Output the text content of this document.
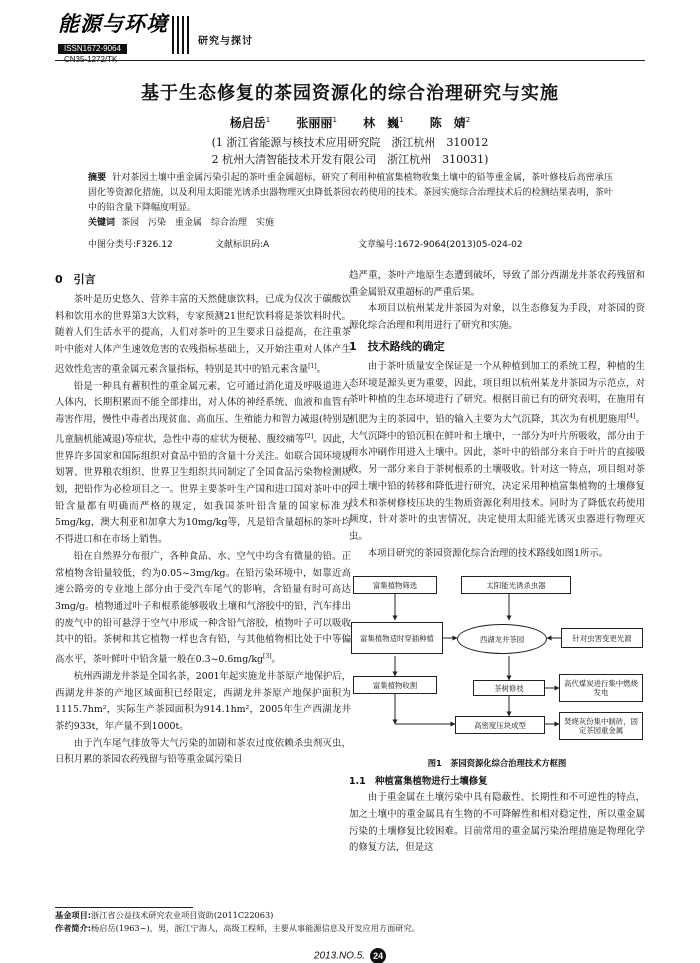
能源与环境
ISSN1672-9064
研究与探讨
基于生态修复的茶园资源化的综合治理研究与实施
杨启岳$^1$ 张丽丽$^1$ 林　巍$^1$ 陈　婧$^2$
(1 浙江省能源与核技术应用研究院　浙江杭州　310012
2 杭州大清智能技术开发有限公司　浙江杭州　310031)
摘要 针对茶园土壤中重金属污染引起的茶叶重金属超标，研究了利用种植富集植物收集土壤中的铅等重金属，茶叶修枝后高密承压固化等资源化措施，以及利用太阳能光诱杀虫器物理灭虫降低茶园农药使用的技术。茶园实施综合治理技术后的检测结果表明，茶叶中的铅含量下降幅度明显。
关键词 茶园　污染　重金属　综合治理　实施
中图分类号:F326.12	文献标识码:A	文章编号:1672-9064(2013)05-024-02
0　引言

茶叶是历史悠久、营养丰富的天然健康饮料，已成为仅次于碳酸饮料和饮用水的世界第3大饮料，专家预测21世纪饮料将是茶饮料时代。随着人们生活水平的提高，人们对茶叶的卫生要求日益提高，在注重茶叶中能对人体产生速效危害的农残指标基础上，又开始注重对人体产生迟效性危害的重金属元素含量指标，特别是其中的铅元素含量[1]。

铅是一种具有蓄积性的重金属元素，它可通过消化道及呼吸道进入人体内，长期积累而不能全部排出，对人体的神经系统、血液和血管有毒害作用，慢性中毒者出现贫血、高血压、生殖能力和智力减退(特别是儿童脑机能减退)等症状，急性中毒的症状为便秘、腹绞痛等[2]。因此，世界许多国家和国际组织对食品中铅的含量十分关注。如联合国环境规划署、世界粮农组织、世界卫生组织共同制定了全国食品污染物检测规划，把铅作为必检项目之一。世界主要茶叶生产国和进口国对茶叶中的铅含量都有明确而严格的规定，如我国茶叶铅含量的国家标准为5mg/kg，澳大利亚和加拿大为10mg/kg等，凡是铅含量超标的茶叶均不得进口和在市场上销售。

铅在自然界分布很广，各种食品、水、空气中均含有微量的铅。正常植物含铅量较低，约为0.05~3mg/kg。在铅污染环境中，如靠近高速公路旁的专业地上部分由于受汽车尾气的影响，含铅量有时可高达3mg/g。植物通过叶子和根系能够吸收土壤和气溶胶中的铅，汽车排出的废气中的铅可悬浮于空气中形成一种含铅气溶胶，植物叶子可以吸收其中的铅。茶树和其它植物一样也含有铅，与其他植物相比处于中等偏高水平，茶叶鲜叶中铅含量一般在0.3~0.6mg/kg[3]。

杭州西湖龙井茶是全国名茶，2001年起实施龙井茶原产地保护后，西湖龙井茶的产地区域面积已经限定，西湖龙井茶原产地保护面积为1115.7hm²，实际生产茶园面积为914.1hm²，2005年生产西湖龙井茶约933t，年产量不到1000t。

由于汽车尾气排放等大气污染的加剧和茶农过度依赖杀虫剂灭虫，日积月累的茶园农药残留与铅等重金属污染日

趋严重，茶叶产地原生态遭到破坏，导致了部分西湖龙井茶农药残留和重金属铅双重超标的严重后果。

本项目以杭州某龙井茶园为对象，以生态修复为手段，对茶园的资源化综合治理和利用进行了研究和实施。

1　技术路线的确定

由于茶叶质量安全保证是一个从种植到加工的系统工程，种植的生态环境是源头更为重要，因此，项目组以杭州某龙井茶园为示范点，对茶叶种植的生态环境进行了研究。根据目前已有的研究表明，在施用有机肥为主的茶园中，铅的输入主要为大气沉降，其次为有机肥施用[4]。大气沉降中的铅沉积在鲜叶和土壤中，一部分为叶片所吸收，部分由于雨水冲刷作用进入土壤中。因此，茶叶中的铅部分来自于叶片的直接吸收，另一部分来自于茶树根系的土壤吸收。针对这一特点，项目组对茶园土壤中铅的转移和降低进行研究，决定采用种植富集植物的土壤修复技术和茶树修枝压块的生物质资源化利用技术。同时为了降低农药使用频度，针对茶叶的虫害情况，决定使用太阳能光诱灭虫器进行物理灭虫。

本项目研究的茶园资源化综合治理的技术路线如图1所示。

富集植物筛选	太阳能光诱杀虫器
富集植物适时穿插种植	西湖龙井茶园	针对虫害变更光源
富集植物收割	茶树修枝
高代煤炭进行集中燃烧发电
高密度压块成型	焚烧灰份集中制砖，固定茶园重金属
图1　茶园资源化综合治理技术方框图
1.1　种植富集植物进行土壤修复

由于重金属在土壤污染中具有隐蔽性、长期性和不可逆性的特点，加之土壤中的重金属具有生物的不可降解性和相对稳定性，所以重金属污染的土壤修复比较困难。目前常用的重金属污染治理措施是物理化学的修复方法，但是这

基金项目:浙江省公益技术研究农业项目资助(2011C22063)
作者简介:杨启岳(1963~)，男，浙江宁海人，高级工程师，主要从事能源信息及开发应用方面研究。
2013.NO.5. 24
